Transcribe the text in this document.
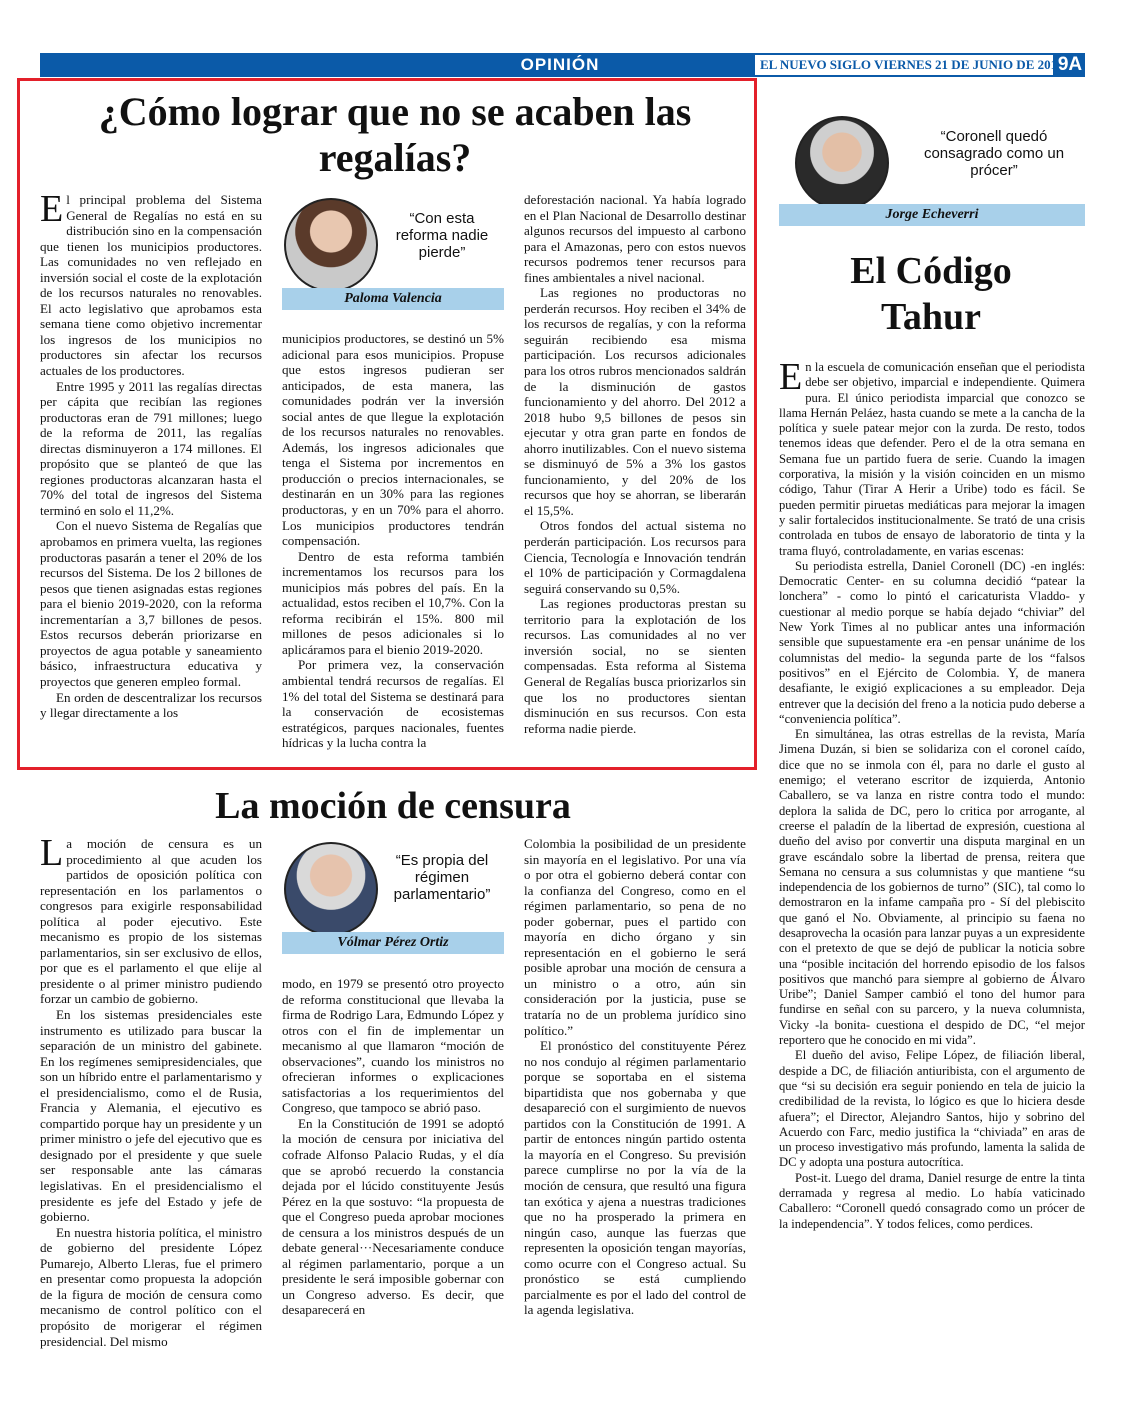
OPINIÓN	EL NUEVO SIGLO VIERNES 21 DE JUNIO DE 2019
9A
¿Cómo lograr que no se acaben las regalías?

El principal problema del Sistema General de Regalías no está en su distribución sino en la compensación que tienen los municipios productores. Las comunidades no ven reflejado en inversión social el coste de la explotación de los recursos naturales no renovables. El acto legislativo que aprobamos esta semana tiene como objetivo incrementar los ingresos de los municipios no productores sin afectar los recursos actuales de los productores.

Entre 1995 y 2011 las regalías directas per cápita que recibían las regiones productoras eran de 791 millones; luego de la reforma de 2011, las regalías directas disminuyeron a 174 millones. El propósito que se planteó de que las regiones productoras alcanzaran hasta el 70% del total de ingresos del Sistema terminó en solo el 11,2%.

Con el nuevo Sistema de Regalías que aprobamos en primera vuelta, las regiones productoras pasarán a tener el 20% de los recursos del Sistema. De los 2 billones de pesos que tienen asignadas estas regiones para el bienio 2019-2020, con la reforma incrementarían a 3,7 billones de pesos. Estos recursos deberán priorizarse en proyectos de agua potable y saneamiento básico, infraestructura educativa y proyectos que generen empleo formal.

En orden de descentralizar los recursos y llegar directamente a los

“Con esta reforma nadie pierde”
Paloma Valencia

municipios productores, se destinó un 5% adicional para esos municipios. Propuse que estos ingresos pudieran ser anticipados, de esta manera, las comunidades podrán ver la inversión social antes de que llegue la explotación de los recursos naturales no renovables. Además, los ingresos adicionales que tenga el Sistema por incrementos en producción o precios internacionales, se destinarán en un 30% para las regiones productoras, y en un 70% para el ahorro. Los municipios productores tendrán compensación.

Dentro de esta reforma también incrementamos los recursos para los municipios más pobres del país. En la actualidad, estos reciben el 10,7%. Con la reforma recibirán el 15%. 800 mil millones de pesos adicionales si lo aplicáramos para el bienio 2019-2020.

Por primera vez, la conservación ambiental tendrá recursos de regalías. El 1% del total del Sistema se destinará para la conservación de ecosistemas estratégicos, parques nacionales, fuentes hídricas y la lucha contra la

deforestación nacional. Ya había logrado en el Plan Nacional de Desarrollo destinar algunos recursos del impuesto al carbono para el Amazonas, pero con estos nuevos recursos podremos tener recursos para fines ambientales a nivel nacional.

Las regiones no productoras no perderán recursos. Hoy reciben el 34% de los recursos de regalías, y con la reforma seguirán recibiendo esa misma participación. Los recursos adicionales para los otros rubros mencionados saldrán de la disminución de gastos funcionamiento y del ahorro. Del 2012 a 2018 hubo 9,5 billones de pesos sin ejecutar y otra gran parte en fondos de ahorro inutilizables. Con el nuevo sistema se disminuyó de 5% a 3% los gastos funcionamiento, y del 20% de los recursos que hoy se ahorran, se liberarán el 15,5%.

Otros fondos del actual sistema no perderán participación. Los recursos para Ciencia, Tecnología e Innovación tendrán el 10% de participación y Cormagdalena seguirá conservando su 0,5%.

Las regiones productoras prestan su territorio para la explotación de los recursos. Las comunidades al no ver inversión social, no se sienten compensadas. Esta reforma al Sistema General de Regalías busca priorizarlos sin que los no productores sientan disminución en sus recursos. Con esta reforma nadie pierde.

La moción de censura

La moción de censura es un procedimiento al que acuden los partidos de oposición política con representación en los parlamentos o congresos para exigirle responsabilidad política al poder ejecutivo. Este mecanismo es propio de los sistemas parlamentarios, sin ser exclusivo de ellos, por que es el parlamento el que elije al presidente o al primer ministro pudiendo forzar un cambio de gobierno.

En los sistemas presidenciales este instrumento es utilizado para buscar la separación de un ministro del gabinete. En los regímenes semipresidenciales, que son un híbrido entre el parlamentarismo y el presidencialismo, como el de Rusia, Francia y Alemania, el ejecutivo es compartido porque hay un presidente y un primer ministro o jefe del ejecutivo que es designado por el presidente y que suele ser responsable ante las cámaras legislativas. En el presidencialismo el presidente es jefe del Estado y jefe de gobierno.

En nuestra historia política, el ministro de gobierno del presidente López Pumarejo, Alberto Lleras, fue el primero en presentar como propuesta la adopción de la figura de moción de censura como mecanismo de control político con el propósito de morigerar el régimen presidencial. Del mismo

“Es propia del régimen parlamentario”
Vólmar Pérez Ortiz

modo, en 1979 se presentó otro proyecto de reforma constitucional que llevaba la firma de Rodrigo Lara, Edmundo López y otros con el fin de implementar un mecanismo al que llamaron “moción de observaciones”, cuando los ministros no ofrecieran informes o explicaciones satisfactorias a los requerimientos del Congreso, que tampoco se abrió paso.

En la Constitución de 1991 se adoptó la moción de censura por iniciativa del cofrade Alfonso Palacio Rudas, y el día que se aprobó recuerdo la constancia dejada por el lúcido constituyente Jesús Pérez en la que sostuvo: “la propuesta de que el Congreso pueda aprobar mociones de censura a los ministros después de un debate general···Necesariamente conduce al régimen parlamentario, porque a un presidente le será imposible gobernar con un Congreso adverso. Es decir, que desaparecerá en

Colombia la posibilidad de un presidente sin mayoría en el legislativo. Por una vía o por otra el gobierno deberá contar con la confianza del Congreso, como en el régimen parlamentario, so pena de no poder gobernar, pues el partido con mayoría en dicho órgano y sin representación en el gobierno le será posible aprobar una moción de censura a un ministro o a otro, aún sin consideración por la justicia, puse se trataría no de un problema jurídico sino político.”

El pronóstico del constituyente Pérez no nos condujo al régimen parlamentario porque se soportaba en el sistema bipartidista que nos gobernaba y que desapareció con el surgimiento de nuevos partidos con la Constitución de 1991. A partir de entonces ningún partido ostenta la mayoría en el Congreso. Su previsión parece cumplirse no por la vía de la moción de censura, que resultó una figura tan exótica y ajena a nuestras tradiciones que no ha prosperado la primera en ningún caso, aunque las fuerzas que representen la oposición tengan mayorías, como ocurre con el Congreso actual. Su pronóstico se está cumpliendo parcialmente es por el lado del control de la agenda legislativa.

“Coronell quedó consagrado como un prócer”
Jorge Echeverri
El Código Tahur

En la escuela de comunicación enseñan que el periodista debe ser objetivo, imparcial e independiente. Quimera pura. El único periodista imparcial que conozco se llama Hernán Peláez, hasta cuando se mete a la cancha de la política y suele patear mejor con la zurda. De resto, todos tenemos ideas que defender. Pero el de la otra semana en Semana fue un partido fuera de serie. Cuando la imagen corporativa, la misión y la visión coinciden en un mismo código, Tahur (Tirar A Herir a Uribe) todo es fácil. Se pueden permitir piruetas mediáticas para mejorar la imagen y salir fortalecidos institucionalmente. Se trató de una crisis controlada en tubos de ensayo de laboratorio de tinta y la trama fluyó, controladamente, en varias escenas:

Su periodista estrella, Daniel Coronell (DC) -en inglés: Democratic Center- en su columna decidió “patear la lonchera” - como lo pintó el caricaturista Vladdo- y cuestionar al medio porque se había dejado “chiviar” del New York Times al no publicar antes una información sensible que supuestamente era -en pensar unánime de los columnistas del medio- la segunda parte de los “falsos positivos” en el Ejército de Colombia. Y, de manera desafiante, le exigió explicaciones a su empleador. Deja entrever que la decisión del freno a la noticia pudo deberse a “conveniencia política”.

En simultánea, las otras estrellas de la revista, María Jimena Duzán, si bien se solidariza con el coronel caído, dice que no se inmola con él, para no darle el gusto al enemigo; el veterano escritor de izquierda, Antonio Caballero, se va lanza en ristre contra todo el mundo: deplora la salida de DC, pero lo critica por arrogante, al creerse el paladín de la libertad de expresión, cuestiona al dueño del aviso por convertir una disputa marginal en un grave escándalo sobre la libertad de prensa, reitera que Semana no censura a sus columnistas y que mantiene “su independencia de los gobiernos de turno” (SIC), tal como lo demostraron en la infame campaña pro - Sí del plebiscito que ganó el No. Obviamente, al principio su faena no desaprovecha la ocasión para lanzar puyas a un expresidente con el pretexto de que se dejó de publicar la noticia sobre una “posible incitación del horrendo episodio de los falsos positivos que manchó para siempre al gobierno de Álvaro Uribe”; Daniel Samper cambió el tono del humor para fundirse en señal con su parcero, y la nueva columnista, Vicky -la bonita- cuestiona el despido de DC, “el mejor reportero que he conocido en mi vida”.

El dueño del aviso, Felipe López, de filiación liberal, despide a DC, de filiación antiuribista, con el argumento de que “si su decisión era seguir poniendo en tela de juicio la credibilidad de la revista, lo lógico es que lo hiciera desde afuera”; el Director, Alejandro Santos, hijo y sobrino del Acuerdo con Farc, medio justifica la “chiviada” en aras de un proceso investigativo más profundo, lamenta la salida de DC y adopta una postura autocrítica.

Post-it. Luego del drama, Daniel resurge de entre la tinta derramada y regresa al medio. Lo había vaticinado Caballero: “Coronell quedó consagrado como un prócer de la independencia”. Y todos felices, como perdices.
